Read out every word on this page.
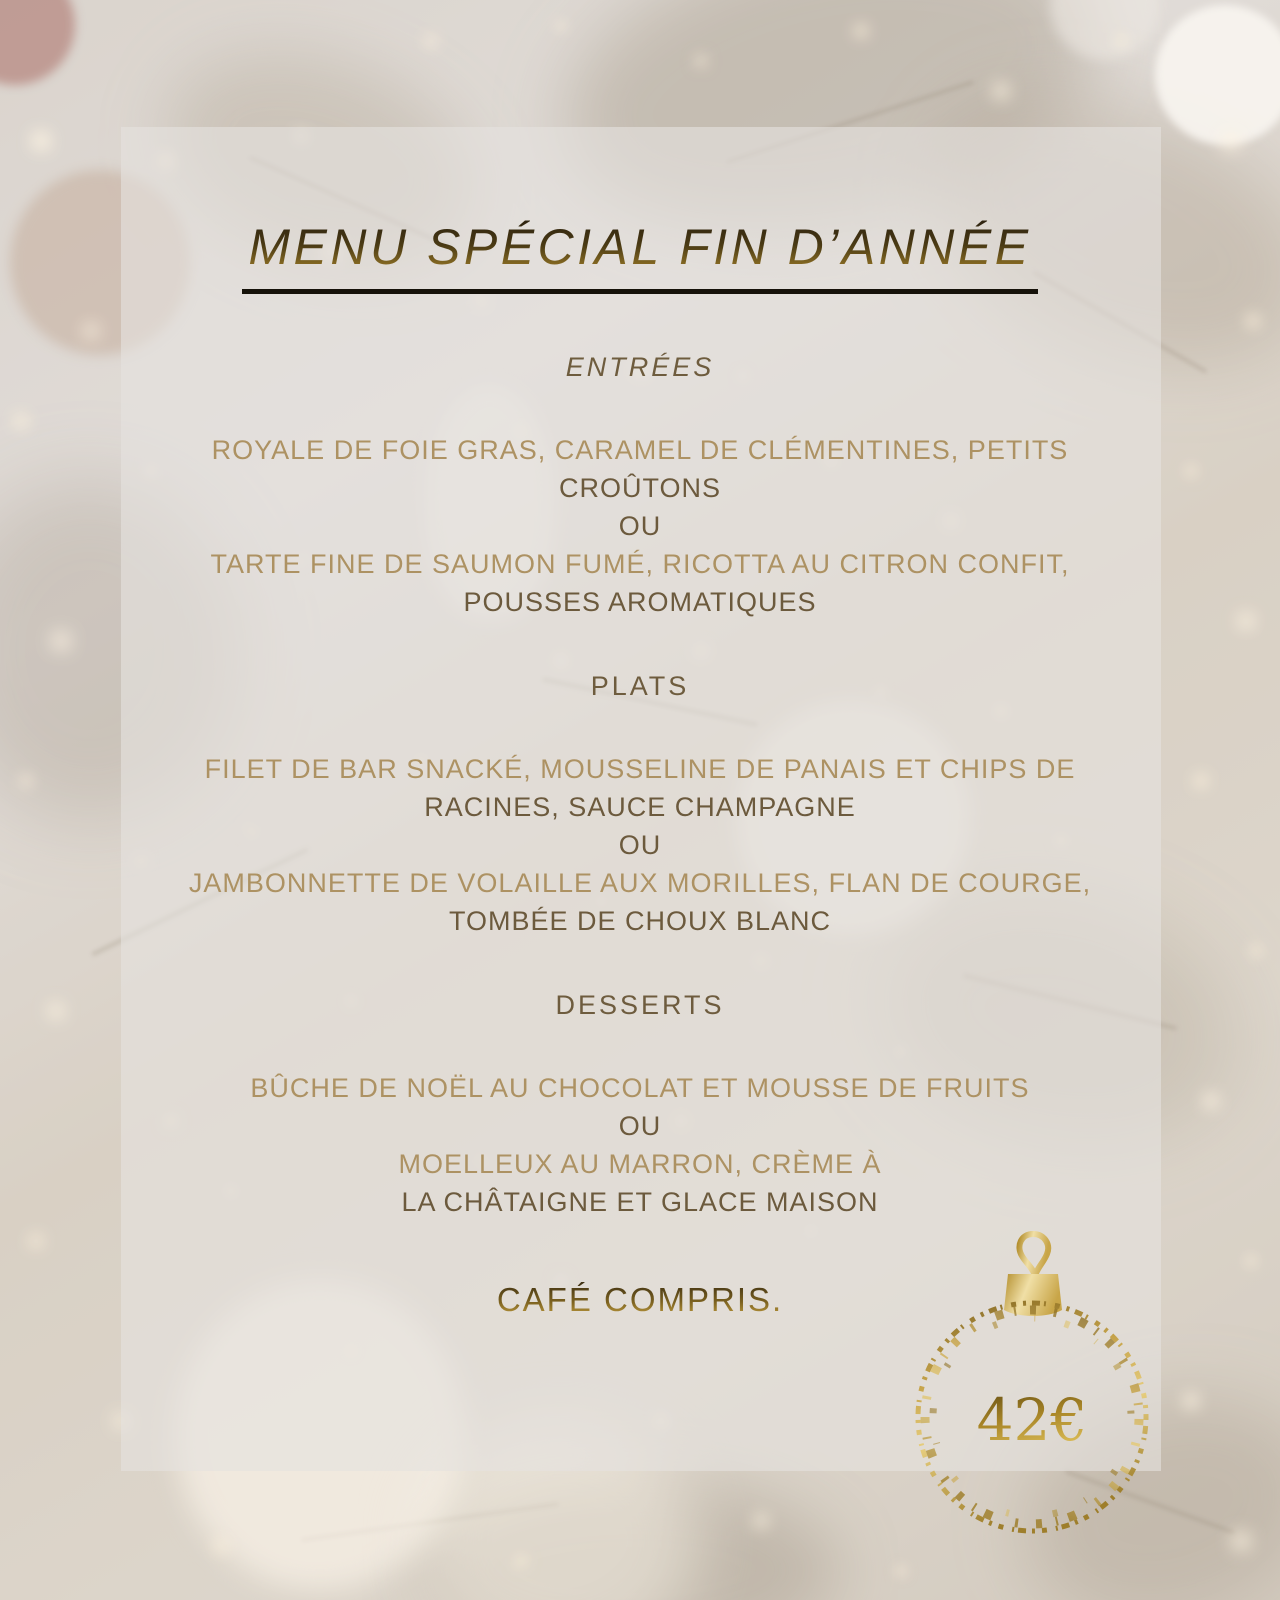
MENU SPÉCIAL FIN D’ANNÉE
ENTRÉES
ROYALE DE FOIE GRAS, CARAMEL DE CLÉMENTINES, PETITS
CROÛTONS
OU
TARTE FINE DE SAUMON FUMÉ, RICOTTA AU CITRON CONFIT,
POUSSES AROMATIQUES
PLATS
FILET DE BAR SNACKÉ, MOUSSELINE DE PANAIS ET CHIPS DE
RACINES, SAUCE CHAMPAGNE
OU
JAMBONNETTE DE VOLAILLE AUX MORILLES, FLAN DE COURGE,
TOMBÉE DE CHOUX BLANC
DESSERTS
BÛCHE DE NOËL AU CHOCOLAT ET MOUSSE DE FRUITS
OU
MOELLEUX AU MARRON, CRÈME À
LA CHÂTAIGNE ET GLACE MAISON
CAFÉ COMPRIS.
42€
